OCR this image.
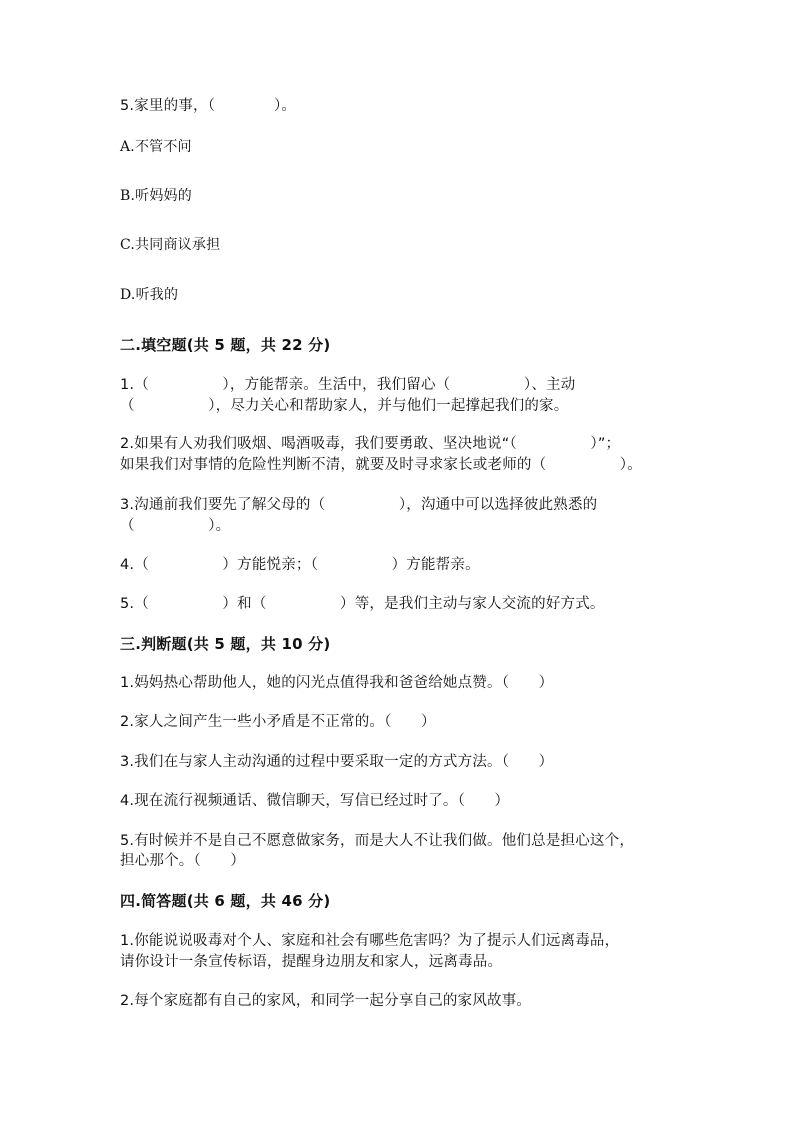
5.家里的事，（　　　　）。
A.不管不问
B.听妈妈的
C.共同商议承担
D.听我的
二.填空题(共 5 题，共 22 分)
1.（　　　　　），方能帮亲。生活中，我们留心（　　　　　）、主动
（　　　　　），尽力关心和帮助家人，并与他们一起撑起我们的家。
2.如果有人劝我们吸烟、喝酒吸毒，我们要勇敢、坚决地说“（　　　　　）”；
如果我们对事情的危险性判断不清，就要及时寻求家长或老师的（　　　　　）。
3.沟通前我们要先了解父母的（　　　　　），沟通中可以选择彼此熟悉的
（　　　　　）。
4.（　　　　　）方能悦亲；（　　　　　）方能帮亲。
5.（　　　　　）和（　　　　　）等，是我们主动与家人交流的好方式。
三.判断题(共 5 题，共 10 分)
1.妈妈热心帮助他人，她的闪光点值得我和爸爸给她点赞。（　　）
2.家人之间产生一些小矛盾是不正常的。（　　）
3.我们在与家人主动沟通的过程中要采取一定的方式方法。（　　）
4.现在流行视频通话、微信聊天，写信已经过时了。（　　）
5.有时候并不是自己不愿意做家务，而是大人不让我们做。他们总是担心这个，
担心那个。（　　）
四.简答题(共 6 题，共 46 分)
1.你能说说吸毒对个人、家庭和社会有哪些危害吗？为了提示人们远离毒品，
请你设计一条宣传标语，提醒身边朋友和家人，远离毒品。
2.每个家庭都有自己的家风，和同学一起分享自己的家风故事。
